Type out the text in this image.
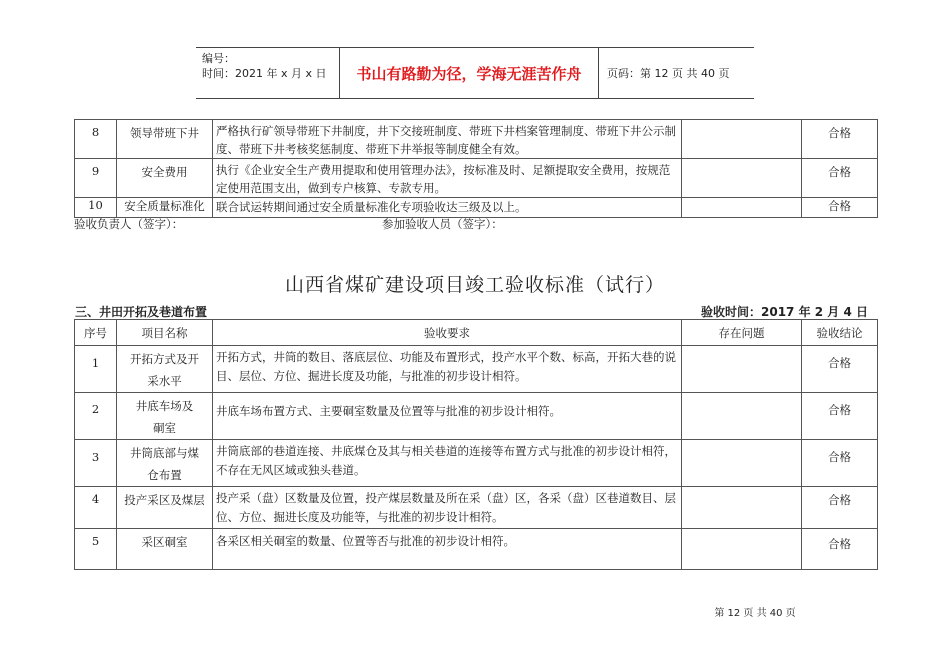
编号：
时间：2021 年 x 月 x 日	书山有路勤为径，学海无涯苦作舟	页码：第 12 页 共 40 页
8	领导带班下井	严格执行矿领导带班下井制度，井下交接班制度、带班下井档案管理制度、带班下井公示制度、带班下井考核奖惩制度、带班下井举报等制度健全有效。		合格
9	安全费用	执行《企业安全生产费用提取和使用管理办法》，按标准及时、足额提取安全费用，按规范定使用范围支出，做到专户核算、专款专用。		合格
10	安全质量标准化	联合试运转期间通过安全质量标准化专项验收达三级及以上。		合格
验收负责人（签字）：	参加验收人员（签字）：
山西省煤矿建设项目竣工验收标准（试行）
三、井田开拓及巷道布置	验收时间：2017 年 2 月 4 日
序号	项目名称	验收要求	存在问题	验收结论
1	开拓方式及开采水平	开拓方式，井筒的数目、落底层位、功能及布置形式，投产水平个数、标高，开拓大巷的说目、层位、方位、掘进长度及功能，与批准的初步设计相符。		合格
2	井底车场及硐室	井底车场布置方式、主要硐室数量及位置等与批准的初步设计相符。		合格
3	井筒底部与煤仓布置	井筒底部的巷道连接、井底煤仓及其与相关巷道的连接等布置方式与批准的初步设计相符，不存在无风区域或独头巷道。		合格
4	投产采区及煤层	投产采（盘）区数量及位置，投产煤层数量及所在采（盘）区，各采（盘）区巷道数目、层位、方位、掘进长度及功能等，与批准的初步设计相符。		合格
5	采区硐室	各采区相关硐室的数量、位置等否与批准的初步设计相符。		合格
第 12 页 共 40 页
